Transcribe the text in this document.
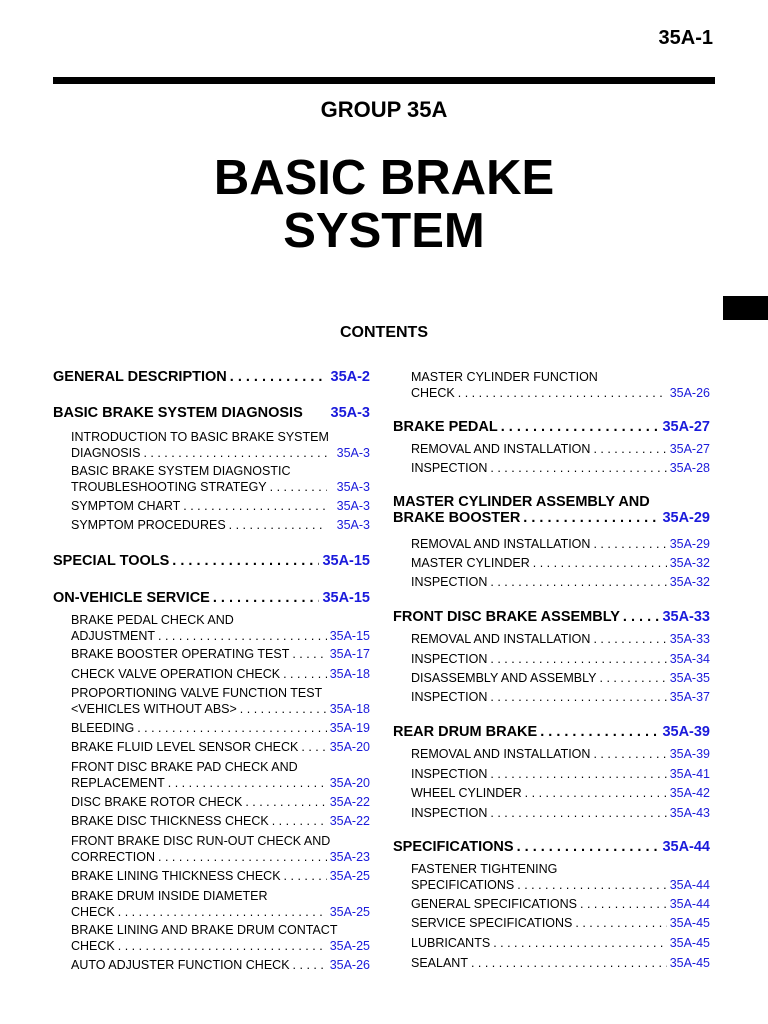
35A-1
GROUP 35A
BASIC BRAKE
SYSTEM
CONTENTS
GENERAL DESCRIPTION . . .	35A-2
BASIC BRAKE SYSTEM DIAGNOSIS 35A-3
INTRODUCTION TO BASIC BRAKE SYSTEM
DIAGNOSIS . . .	35A-3
BASIC BRAKE SYSTEM DIAGNOSTIC
TROUBLESHOOTING STRATEGY . . .	35A-3
SYMPTOM CHART . . .	35A-3
SYMPTOM PROCEDURES . . .	35A-3
SPECIAL TOOLS . . .	35A-15
ON-VEHICLE SERVICE . . .	35A-15
BRAKE PEDAL CHECK AND
ADJUSTMENT . . .	35A-15
BRAKE BOOSTER OPERATING TEST . . .	35A-17
CHECK VALVE OPERATION CHECK . . .	35A-18
PROPORTIONING VALVE FUNCTION TEST
<VEHICLES WITHOUT ABS> . . .	35A-18
BLEEDING . . .	35A-19
BRAKE FLUID LEVEL SENSOR CHECK . . .	35A-20
FRONT DISC BRAKE PAD CHECK AND
REPLACEMENT . . .	35A-20
DISC BRAKE ROTOR CHECK . . .	35A-22
BRAKE DISC THICKNESS CHECK . . .	35A-22
FRONT BRAKE DISC RUN-OUT CHECK AND
CORRECTION . . .	35A-23
BRAKE LINING THICKNESS CHECK . . .	35A-25
BRAKE DRUM INSIDE DIAMETER
CHECK . . .	35A-25
BRAKE LINING AND BRAKE DRUM CONTACT
CHECK . . .	35A-25
AUTO ADJUSTER FUNCTION CHECK . . .	35A-26
MASTER CYLINDER FUNCTION
CHECK . . .	35A-26
BRAKE PEDAL . . .	35A-27
REMOVAL AND INSTALLATION . . .	35A-27
INSPECTION . . .	35A-28
MASTER CYLINDER ASSEMBLY AND
BRAKE BOOSTER . . .	35A-29
REMOVAL AND INSTALLATION . . .	35A-29
MASTER CYLINDER . . .	35A-32
INSPECTION . . .	35A-32
FRONT DISC BRAKE ASSEMBLY . . .	35A-33
REMOVAL AND INSTALLATION . . .	35A-33
INSPECTION . . .	35A-34
DISASSEMBLY AND ASSEMBLY . . .	35A-35
INSPECTION . . .	35A-37
REAR DRUM BRAKE . . .	35A-39
REMOVAL AND INSTALLATION . . .	35A-39
INSPECTION . . .	35A-41
WHEEL CYLINDER . . .	35A-42
INSPECTION . . .	35A-43
SPECIFICATIONS . . .	35A-44
FASTENER TIGHTENING
SPECIFICATIONS . . .	35A-44
GENERAL SPECIFICATIONS . . .	35A-44
SERVICE SPECIFICATIONS . . .	35A-45
LUBRICANTS . . .	35A-45
SEALANT . . .	35A-45
